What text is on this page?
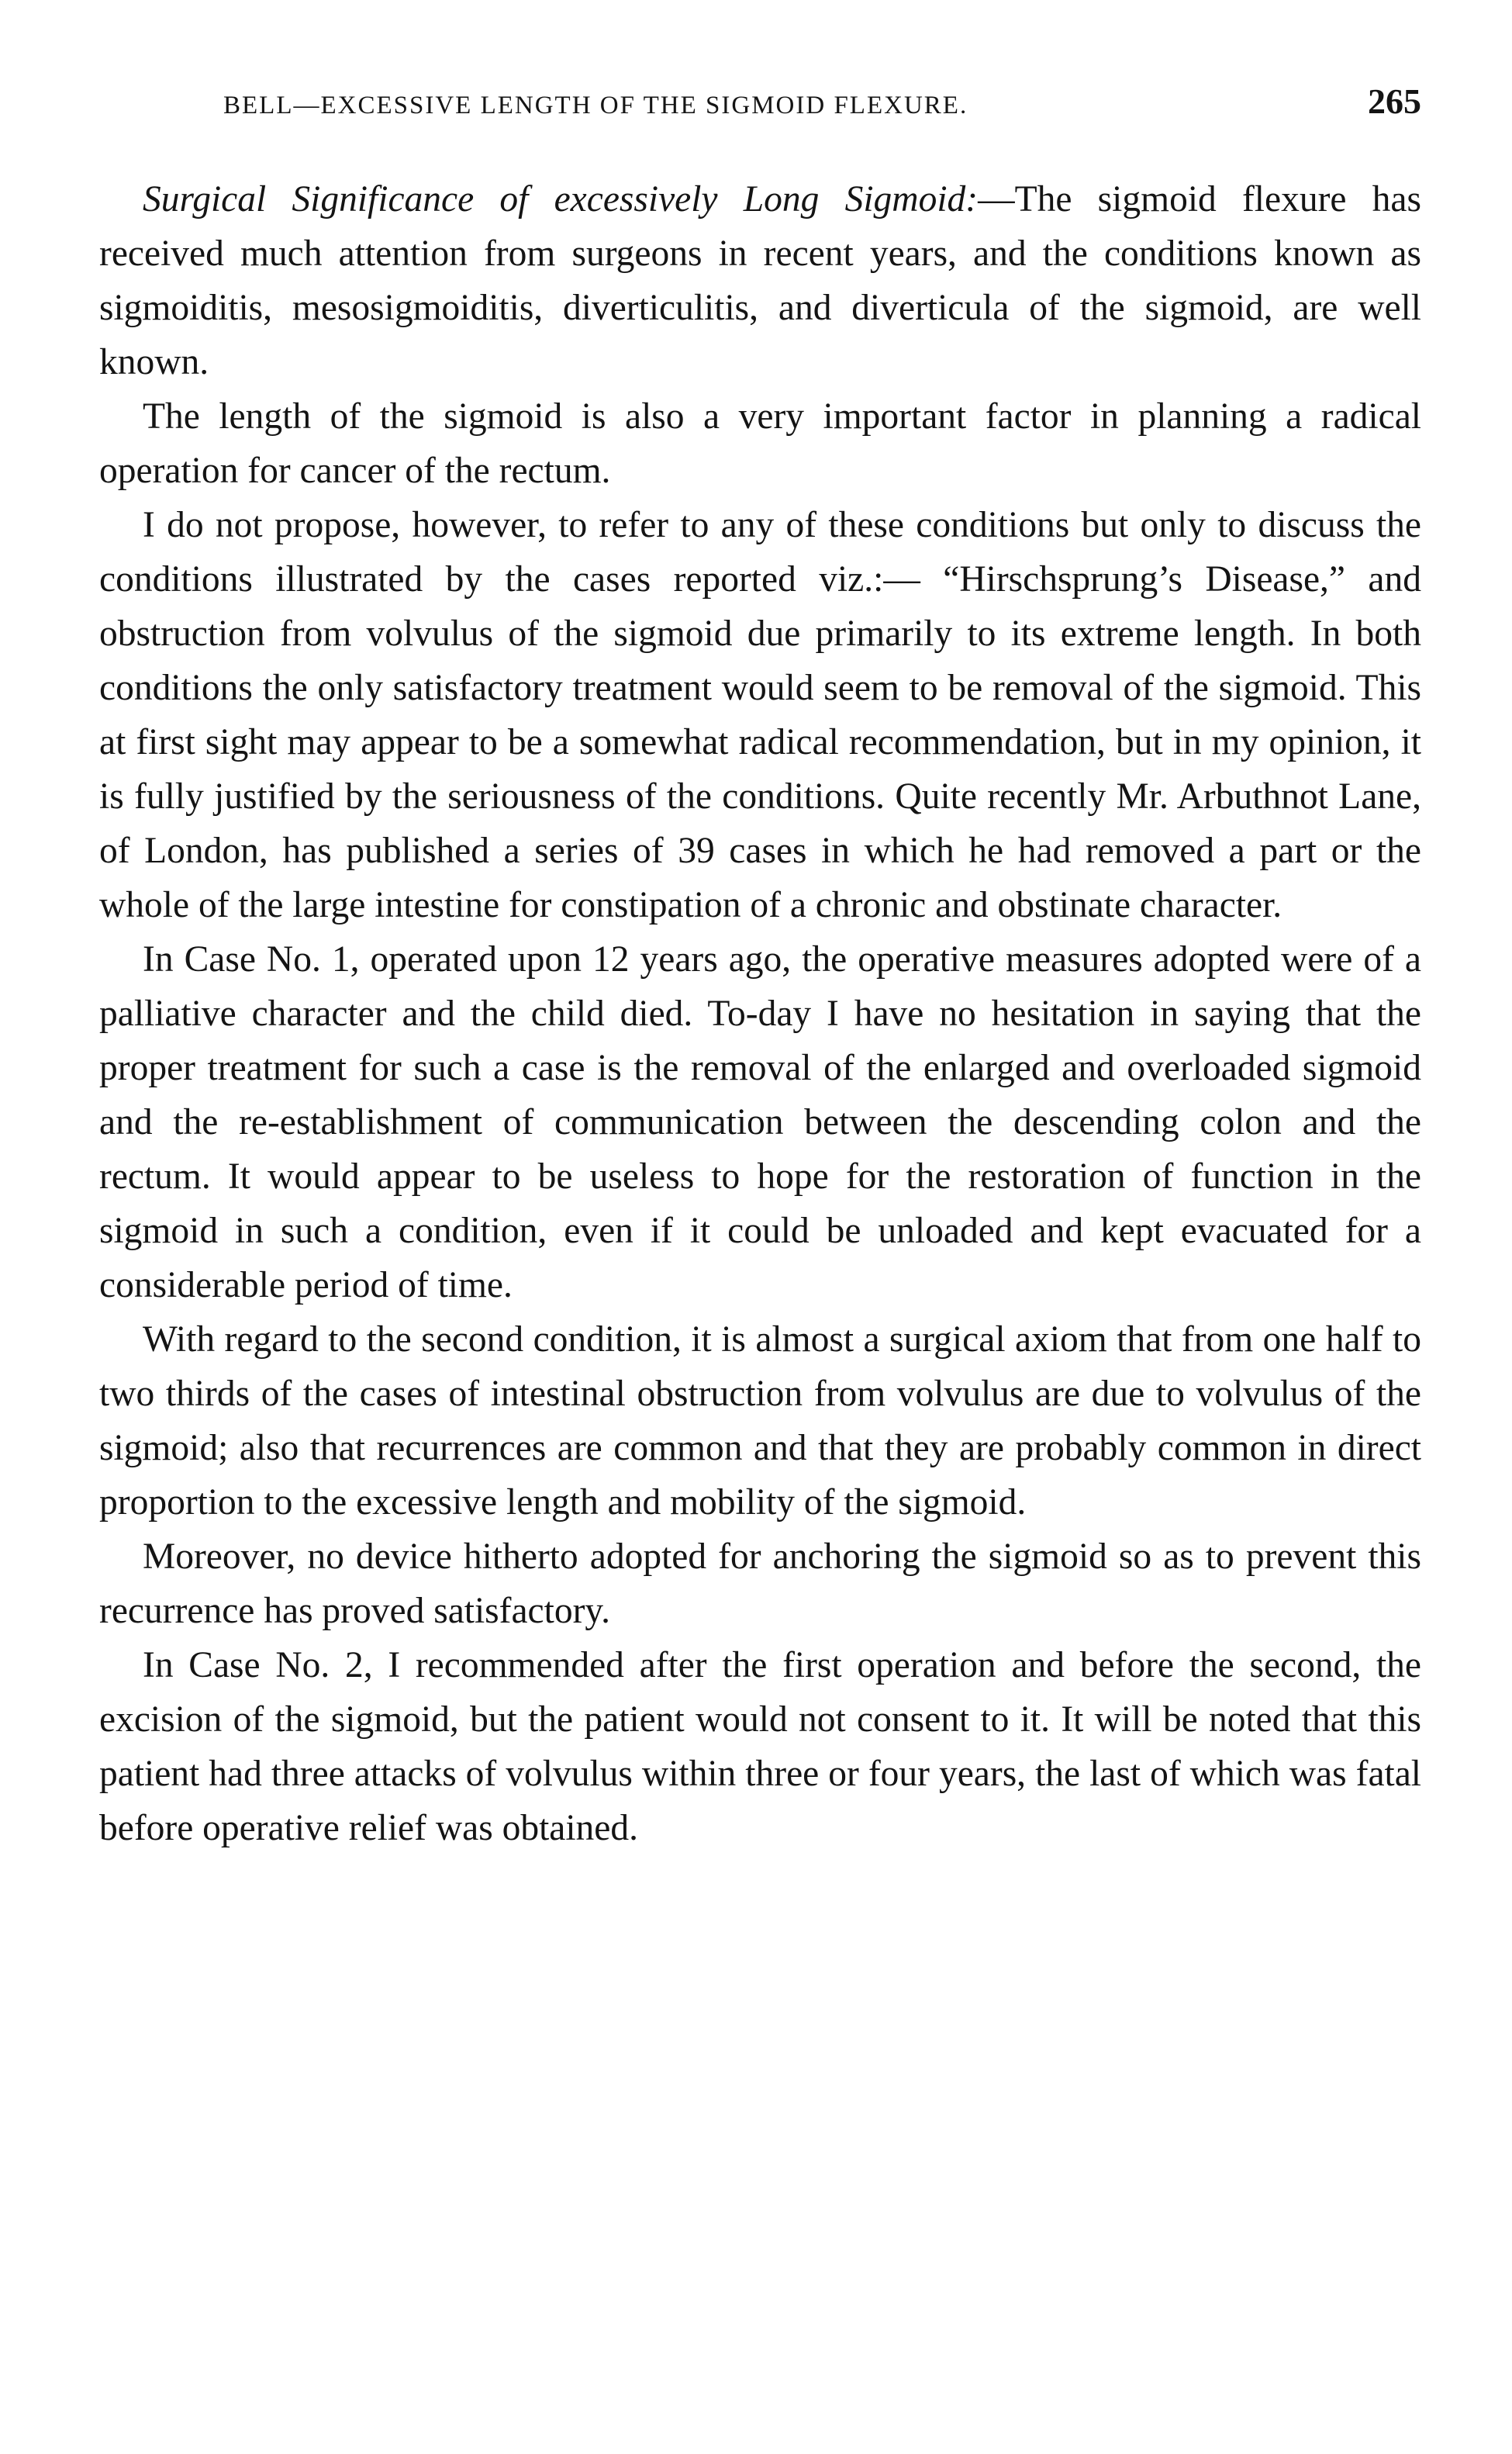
BELL—EXCESSIVE LENGTH OF THE SIGMOID FLEXURE.	265

Surgical Significance of excessively Long Sigmoid:—The sigmoid flexure has received much attention from surgeons in recent years, and the conditions known as sigmoiditis, mesosigmoiditis, diverticulitis, and diverticula of the sigmoid, are well known.

The length of the sigmoid is also a very important factor in planning a radical operation for cancer of the rectum.

I do not propose, however, to refer to any of these conditions but only to discuss the conditions illustrated by the cases reported viz.:— “Hirschsprung’s Disease,” and obstruction from volvulus of the sigmoid due primarily to its extreme length. In both conditions the only satisfactory treatment would seem to be removal of the sigmoid. This at first sight may appear to be a somewhat radical recommendation, but in my opinion, it is fully justified by the seriousness of the conditions. Quite recently Mr. Arbuthnot Lane, of London, has published a series of 39 cases in which he had removed a part or the whole of the large intestine for constipation of a chronic and obstinate character.

In Case No. 1, operated upon 12 years ago, the operative measures adopted were of a palliative character and the child died. To-day I have no hesitation in saying that the proper treatment for such a case is the removal of the enlarged and overloaded sigmoid and the re-establishment of communication between the descending colon and the rectum. It would appear to be useless to hope for the restoration of function in the sigmoid in such a condition, even if it could be unloaded and kept evacuated for a considerable period of time.

With regard to the second condition, it is almost a surgical axiom that from one half to two thirds of the cases of intestinal obstruction from volvulus are due to volvulus of the sigmoid; also that recurrences are common and that they are probably common in direct proportion to the excessive length and mobility of the sigmoid.

Moreover, no device hitherto adopted for anchoring the sigmoid so as to prevent this recurrence has proved satisfactory.

In Case No. 2, I recommended after the first operation and before the second, the excision of the sigmoid, but the patient would not consent to it. It will be noted that this patient had three attacks of volvulus within three or four years, the last of which was fatal before operative relief was obtained.
